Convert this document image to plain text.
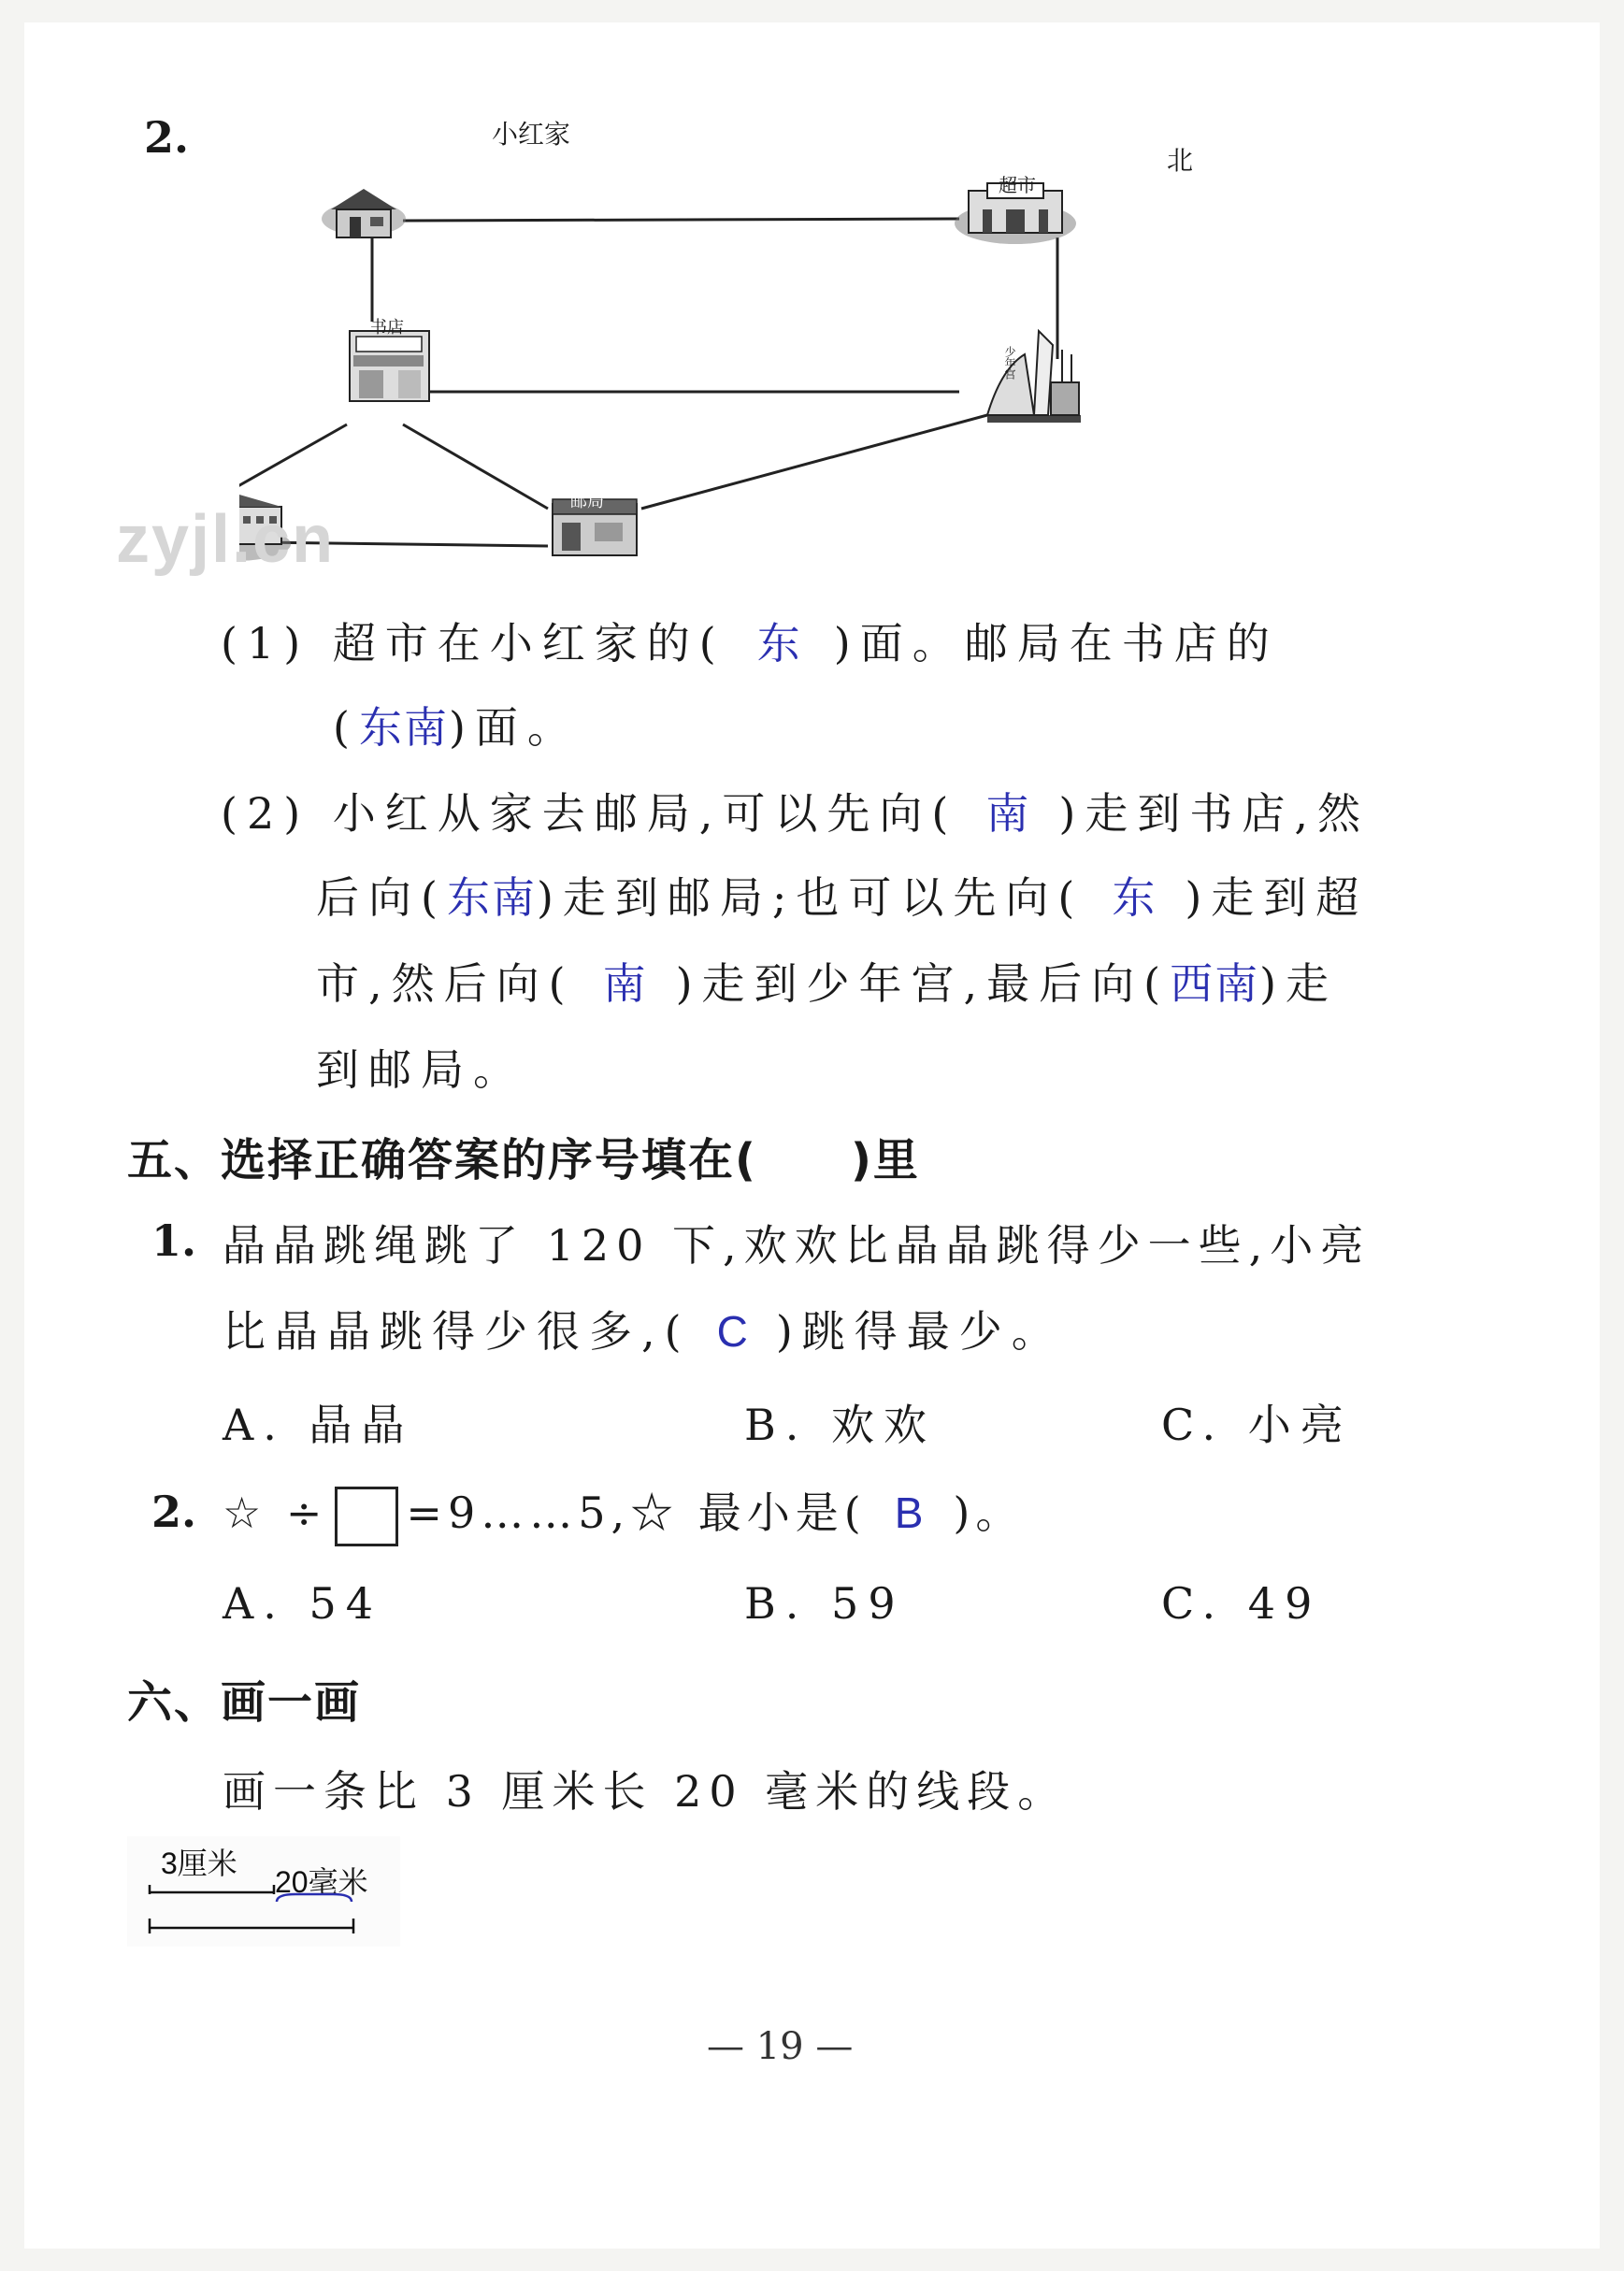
2.	小红家
超市
书店
邮局
少年宫
北
zyjl.cn
(1) 超市在小红家的( 东 )面。邮局在书店的
(东南)面。
(2) 小红从家去邮局,可以先向( 南 )走到书店,然
后向(东南)走到邮局;也可以先向( 东 )走到超
市,然后向( 南 )走到少年宫,最后向(西南)走
到邮局。
五、选择正确答案的序号填在(　　)里
1. 晶晶跳绳跳了 120 下,欢欢比晶晶跳得少一些,小亮
比晶晶跳得少很多,( C )跳得最少。
A. 晶晶	B. 欢欢	C. 小亮
2. ☆ ÷ =9……5,☆ 最小是( B )。
A. 54	B. 59	C. 49
六、画一画
画一条比 3 厘米长 20 毫米的线段。
3厘米
20毫米
— 19 —
